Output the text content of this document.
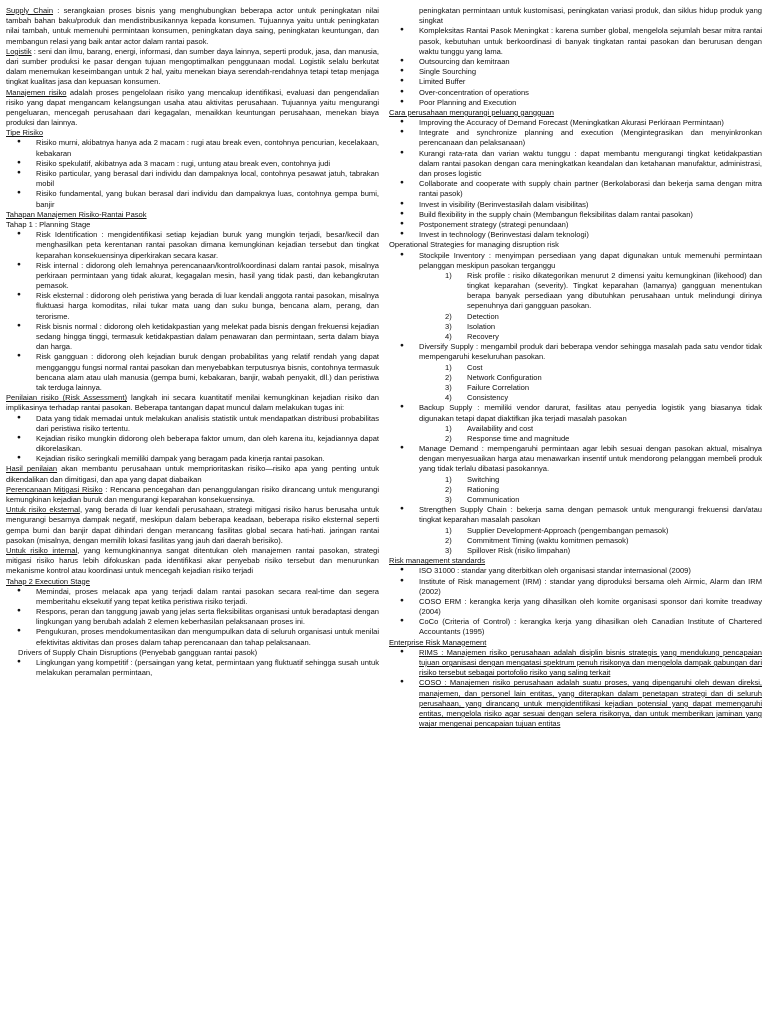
Supply Chain : serangkaian proses bisnis yang menghubungkan beberapa actor untuk peningkatan nilai tambah bahan baku/produk dan mendistribusikannya kepada konsumen. Tujuannya yaitu untuk peningkatan nilai tambah, untuk memenuhi permintaan konsumen, peningkatan daya saing, peningkatan keuntungan, dan membangun relasi yang baik antar actor dalam rantai pasok.

Logistik : seni dan ilmu, barang, energi, informasi, dan sumber daya lainnya, seperti produk, jasa, dan manusia, dari sumber produksi ke pasar dengan tujuan mengoptimalkan penggunaan modal. Logistik selalu berkutat dalam menemukan keseimbangan untuk 2 hal, yaitu menekan biaya serendah-rendahnya tetapi tetap menjaga tingkat kualitas jasa dan kepuasan konsumen.

Manajemen risiko adalah proses pengelolaan risiko yang mencakup identifikasi, evaluasi dan pengendalian risiko yang dapat mengancam kelangsungan usaha atau aktivitas perusahaan. Tujuannya yaitu mengurangi pengeluaran, mencegah perusahaan dari kegagalan, menaikkan keuntungan perusahaan, menekan biaya produksi dan lainnya.

Tipe Risiko

● Risiko murni, akibatnya hanya ada 2 macam : rugi atau break even, contohnya pencurian, kecelakaan, kebakaran
● Risiko spekulatif, akibatnya ada 3 macam : rugi, untung atau break even, contohnya judi
● Risiko particular, yang berasal dari individu dan dampaknya local, contohnya pesawat jatuh, tabrakan mobil
● Risiko fundamental, yang bukan berasal dari individu dan dampaknya luas, contohnya gempa bumi, banjir

Tahapan Manajemen Risiko-Rantai Pasok

Tahap 1 : Planning Stage

● Risk Identification : mengidentifikasi setiap kejadian buruk yang mungkin terjadi, besar/kecil dan menghasilkan peta kerentanan rantai pasokan dimana kemungkinan kejadian tersebut dan tingkat keparahan konsekuensinya diperkirakan secara kasar.
● Risk internal : didorong oleh lemahnya perencanaan/kontrol/koordinasi dalam rantai pasok, misalnya perkiraan permintaan yang tidak akurat, kegagalan mesin, hasil yang tidak pasti, dan kebangkrutan pemasok.
● Risk eksternal : didorong oleh peristiwa yang berada di luar kendali anggota rantai pasokan, misalnya fluktuasi harga komoditas, nilai tukar mata uang dan suku bunga, bencana alam, perang, dan terorisme.
● Risk bisnis normal : didorong oleh ketidakpastian yang melekat pada bisnis dengan frekuensi kejadian sedang hingga tinggi, termasuk ketidakpastian dalam penawaran dan permintaan, serta dalam biaya dan harga.
● Risk gangguan : didorong oleh kejadian buruk dengan probabilitas yang relatif rendah yang dapat mengganggu fungsi normal rantai pasokan dan menyebabkan terputusnya bisnis, contohnya termasuk bencana alam atau ulah manusia (gempa bumi, kebakaran, banjir, wabah penyakit, dll.) dan peristiwa tak terduga lainnya.

Penilaian risiko (Risk Assessment) langkah ini secara kuantitatif menilai kemungkinan kejadian risiko dan implikasinya terhadap rantai pasokan. Beberapa tantangan dapat muncul dalam melakukan tugas ini:

● Data yang tidak memadai untuk melakukan analisis statistik untuk mendapatkan distribusi probabilitas dari peristiwa risiko tertentu.
● Kejadian risiko mungkin didorong oleh beberapa faktor umum, dan oleh karena itu, kejadiannya dapat dikorelasikan.
● Kejadian risiko seringkali memiliki dampak yang beragam pada kinerja rantai pasokan.

Hasil penilaian akan membantu perusahaan untuk memprioritaskan risiko—risiko apa yang penting untuk dikendalikan dan dimitigasi, dan apa yang dapat diabaikan

Perencanaan Mitigasi Risiko : Rencana pencegahan dan penanggulangan risiko dirancang untuk mengurangi kemungkinan kejadian buruk dan mengurangi keparahan konsekuensinya.

Untuk risiko eksternal, yang berada di luar kendali perusahaan, strategi mitigasi risiko harus berusaha untuk mengurangi besarnya dampak negatif, meskipun dalam beberapa keadaan, beberapa risiko eksternal seperti gempa bumi dan banjir dapat dihindari dengan merancang fasilitas global secara hati-hati. jaringan rantai pasokan (misalnya, dengan memilih lokasi fasilitas yang jauh dari daerah berisiko).

Untuk risiko internal, yang kemungkinannya sangat ditentukan oleh manajemen rantai pasokan, strategi mitigasi risiko harus lebih difokuskan pada identifikasi akar penyebab risiko tersebut dan menurunkan mekanisme kontrol atau koordinasi untuk mencegah kejadian risiko terjadi

Tahap 2 Execution Stage

● Memindai, proses melacak apa yang terjadi dalam rantai pasokan secara real-time dan segera memberitahu eksekutif yang tepat ketika peristiwa risiko terjadi.
● Respons, peran dan tanggung jawab yang jelas serta fleksibilitas organisasi untuk beradaptasi dengan lingkungan yang berubah adalah 2 elemen keberhasilan pelaksanaan proses ini.
● Pengukuran, proses mendokumentasikan dan mengumpulkan data di seluruh organisasi untuk menilai efektivitas aktivitas dan proses dalam tahap perencanaan dan tahap pelaksanaan.

Drivers of Supply Chain Disruptions (Penyebab gangguan rantai pasok)

● Lingkungan yang kompetitif : (persaingan yang ketat, permintaan yang fluktuatif sehingga susah untuk melakukan peramalan permintaan,

peningkatan permintaan untuk kustomisasi, peningkatan variasi produk, dan siklus hidup produk yang singkat

● Kompleksitas Rantai Pasok Meningkat : karena sumber global, mengelola sejumlah besar mitra rantai pasok, kebutuhan untuk berkoordinasi di banyak tingkatan rantai pasokan dan berurusan dengan waktu tunggu yang lama.
● Outsourcing dan kemitraan
● Single Sourching
● Limited Buffer
● Over-concentration of operations
● Poor Planning and Execution

Cara perusahaan mengurangi peluang gangguan

● Improving the Accuracy of Demand Forecast (Meningkatkan Akurasi Perkiraan Permintaan)
● Integrate and synchronize planning and execution (Mengintegrasikan dan menyinkronkan perencanaan dan pelaksanaan)
● Kurangi rata-rata dan varian waktu tunggu : dapat membantu mengurangi tingkat ketidakpastian dalam rantai pasokan dengan cara meningkatkan keandalan dan ketahanan manufaktur, administrasi, dan proses logistic
● Collaborate and cooperate with supply chain partner (Berkolaborasi dan bekerja sama dengan mitra rantai pasok)
● Invest in visibility (Berinvestasilah dalam visibilitas)
● Build flexibility in the supply chain (Membangun fleksibilitas dalam rantai pasokan)
● Postponement strategy (strategi penundaan)
● Invest in technology (Berinvestasi dalam teknologi)

Operational Strategies for managing disruption risk

● Stockpile Inventory : menyimpan persediaan yang dapat digunakan untuk memenuhi permintaan pelanggan meskipun pasokan terganggu
1) Risk profile : risiko dikategorikan menurut 2 dimensi yaitu kemungkinan (likehood) dan tingkat keparahan (severity). Tingkat keparahan (lamanya) gangguan menentukan berapa banyak persediaan yang dibutuhkan perusahaan untuk melindungi dirinya sepenuhnya dari gangguan pasokan.
2) Detection
3) Isolation
4) Recovery
● Diversify Supply : mengambil produk dari beberapa vendor sehingga masalah pada satu vendor tidak mempengaruhi keseluruhan pasokan.
1) Cost
2) Network Configuration
3) Failure Correlation
4) Consistency
● Backup Supply : memiliki vendor darurat, fasilitas atau penyedia logistik yang biasanya tidak digunakan tetapi dapat diaktifkan jika terjadi masalah pasokan
1) Availability and cost
2) Response time and magnitude
● Manage Demand : mempengaruhi permintaan agar lebih sesuai dengan pasokan aktual, misalnya dengan menyesuaikan harga atau menawarkan insentif untuk mendorong pelanggan membeli produk yang tidak terlalu dibatasi pasokannya.
1) Switching
2) Rationing
3) Communication
● Strengthen Supply Chain : bekerja sama dengan pemasok untuk mengurangi frekuensi dan/atau tingkat keparahan masalah pasokan
1) Supplier Development-Approach (pengembangan pemasok)
2) Commitment Timing (waktu komitmen pemasok)
3) Spillover Risk (risiko limpahan)

Risk management standards

● ISO 31000 : standar yang diterbitkan oleh organisasi standar internasional (2009)
● Institute of Risk management (IRM) : standar yang diproduksi bersama oleh Airmic, Alarm dan IRM (2002)
● COSO ERM : kerangka kerja yang dihasilkan oleh komite organisasi sponsor dari komite treadway (2004)
● CoCo (Criteria of Control) : kerangka kerja yang dihasilkan oleh Canadian Institute of Chartered Accountants (1995)

Enterprise Risk Management

● RIMS : Manajemen risiko perusahaan adalah disiplin bisnis strategis yang mendukung pencapaian tujuan organisasi dengan mengatasi spektrum penuh risikonya dan mengelola dampak gabungan dari risiko tersebut sebagai portofolio risiko yang saling terkait
● COSO : Manajemen risiko perusahaan adalah suatu proses, yang dipengaruhi oleh dewan direksi, manajemen, dan personel lain entitas, yang diterapkan dalam penetapan strategi dan di seluruh perusahaan, yang dirancang untuk mengidentifikasi kejadian potensial yang dapat memengaruhi entitas, mengelola risiko agar sesuai dengan selera risikonya, dan untuk memberikan jaminan yang wajar mengenai pencapaian tujuan entitas
